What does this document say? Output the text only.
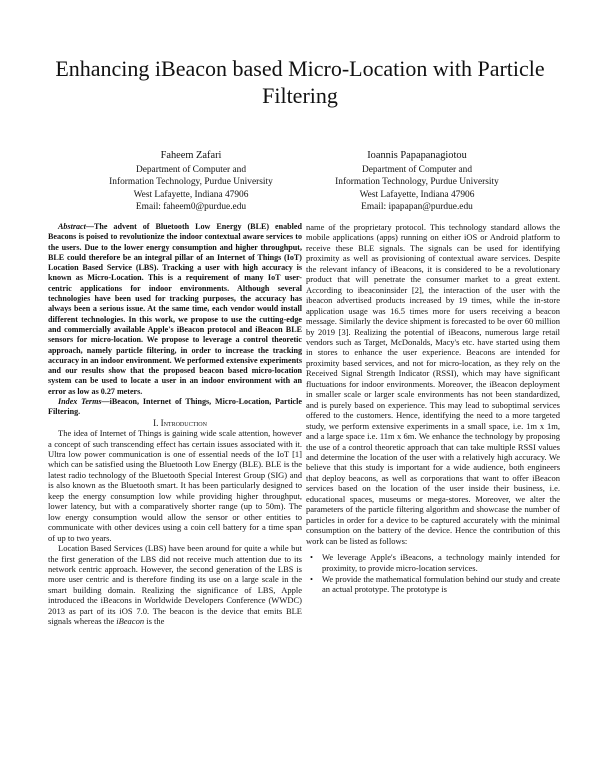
Enhancing iBeacon based Micro-Location with Particle Filtering
Faheem Zafari
Department of Computer and
Information Technology, Purdue University
West Lafayette, Indiana 47906
Email: faheem0@purdue.edu
Ioannis Papapanagiotou
Department of Computer and
Information Technology, Purdue University
West Lafayette, Indiana 47906
Email: ipapapan@purdue.edu

Abstract—The advent of Bluetooth Low Energy (BLE) enabled Beacons is poised to revolutionize the indoor contextual aware services to the users. Due to the lower energy consumption and higher throughput, BLE could therefore be an integral pillar of an Internet of Things (IoT) Location Based Service (LBS). Tracking a user with high accuracy is known as Micro-Location. This is a requirement of many IoT user-centric applications for indoor environments. Although several technologies have been used for tracking purposes, the accuracy has always been a serious issue. At the same time, each vendor would install different technologies. In this work, we propose to use the cutting-edge and commercially available Apple's iBeacon protocol and iBeacon BLE sensors for micro-location. We propose to leverage a control theoretic approach, namely particle filtering, in order to increase the tracking accuracy in an indoor environment. We performed extensive experiments and our results show that the proposed beacon based micro-location system can be used to locate a user in an indoor environment with an error as low as 0.27 meters.

Index Terms—iBeacon, Internet of Things, Micro-Location, Particle Filtering.

I. Introduction

The idea of Internet of Things is gaining wide scale attention, however a concept of such transcending effect has certain issues associated with it. Ultra low power communication is one of essential needs of the IoT [1] which can be satisfied using the Bluetooth Low Energy (BLE). BLE is the latest radio technology of the Bluetooth Special Interest Group (SIG) and is also known as the Bluetooth smart. It has been particularly designed to keep the energy consumption low while providing higher throughput, lower latency, but with a comparatively shorter range (up to 50m). The low energy consumption would allow the sensor or other entities to communicate with other devices using a coin cell battery for a time span of up to two years.

Location Based Services (LBS) have been around for quite a while but the first generation of the LBS did not receive much attention due to its network centric approach. However, the second generation of the LBS is more user centric and is therefore finding its use on a large scale in the smart building domain. Realizing the significance of LBS, Apple introduced the iBeacons in Worldwide Developers Conference (WWDC) 2013 as part of its iOS 7.0. The beacon is the device that emits BLE signals whereas the iBeacon is the

name of the proprietary protocol. This technology standard allows the mobile applications (apps) running on either iOS or Android platform to receive these BLE signals. The signals can be used for identifying proximity as well as provisioning of contextual aware services. Despite the relevant infancy of iBeacons, it is considered to be a revolutionary product that will penetrate the consumer market to a great extent. According to ibeaconinsider [2], the interaction of the user with the ibeacon advertised products increased by 19 times, while the in-store application usage was 16.5 times more for users receiving a beacon message. Similarly the device shipment is forecasted to be over 60 million by 2019 [3]. Realizing the potential of iBeacons, numerous large retail vendors such as Target, McDonalds, Macy's etc. have started using them in stores to enhance the user experience. Beacons are intended for proximity based services, and not for micro-location, as they rely on the Received Signal Strength Indicator (RSSI), which may have significant fluctuations for indoor environments. Moreover, the iBeacon deployment in smaller scale or larger scale environments has not been standardized, and is purely based on experience. This may lead to suboptimal services offered to the customers. Hence, identifying the need to a more targeted study, we perform extensive experiments in a small space, i.e. 1m x 1m, and a large space i.e. 11m x 6m. We enhance the technology by proposing the use of a control theoretic approach that can take multiple RSSI values and determine the location of the user with a relatively high accuracy. We believe that this study is important for a wide audience, both engineers that deploy beacons, as well as corporations that want to offer iBeacon services based on the location of the user inside their business, i.e. educational spaces, museums or mega-stores. Moreover, we alter the parameters of the particle filtering algorithm and showcase the number of particles in order for a device to be captured accurately with the minimal consumption on the battery of the device. Hence the contribution of this work can be listed as follows:

• We leverage Apple's iBeacons, a technology mainly intended for proximity, to provide micro-location services.
• We provide the mathematical formulation behind our study and create an actual prototype. The prototype is
